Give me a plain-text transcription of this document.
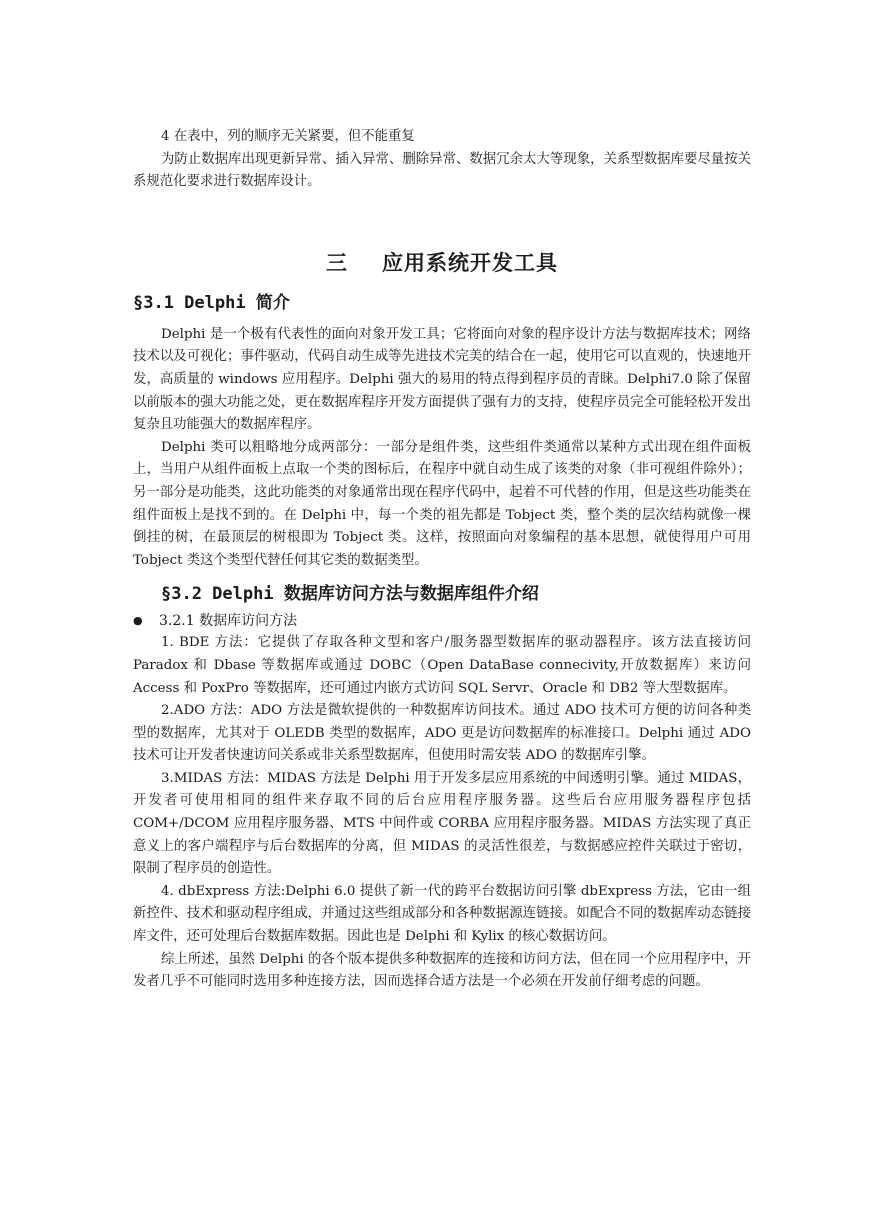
4 在表中，列的顺序无关紧要，但不能重复

为防止数据库出现更新异常、插入异常、删除异常、数据冗余太大等现象，关系型数据库要尽量按关系规范化要求进行数据库设计。

三 应用系统开发工具
§3.1 Delphi 简介

Delphi 是一个极有代表性的面向对象开发工具；它将面向对象的程序设计方法与数据库技术；网络技术以及可视化；事件驱动，代码自动生成等先进技术完美的结合在一起，使用它可以直观的，快速地开发，高质量的 windows 应用程序。Delphi 强大的易用的特点得到程序员的青睐。Delphi7.0 除了保留以前版本的强大功能之处，更在数据库程序开发方面提供了强有力的支持，使程序员完全可能轻松开发出复杂且功能强大的数据库程序。

Delphi 类可以粗略地分成两部分：一部分是组件类，这些组件类通常以某种方式出现在组件面板上，当用户从组件面板上点取一个类的图标后，在程序中就自动生成了该类的对象（非可视组件除外）；另一部分是功能类，这此功能类的对象通常出现在程序代码中，起着不可代替的作用，但是这些功能类在组件面板上是找不到的。在 Delphi 中，每一个类的祖先都是 Tobject 类，整个类的层次结构就像一棵倒挂的树，在最顶层的树根即为 Tobject 类。这样，按照面向对象编程的基本思想，就使得用户可用 Tobject 类这个类型代替任何其它类的数据类型。

§3.2 Delphi 数据库访问方法与数据库组件介绍
●	3.2.1 数据库访问方法

1. BDE 方法：它提供了存取各种文型和客户/服务器型数据库的驱动器程序。该方法直接访问 Paradox 和 Dbase 等数据库或通过 DOBC（Open DataBase connecivity,开放数据库）来访问 Access 和 PoxPro 等数据库，还可通过内嵌方式访问 SQL Servr、Oracle 和 DB2 等大型数据库。

2.ADO 方法：ADO 方法是微软提供的一种数据库访问技术。通过 ADO 技术可方便的访问各种类型的数据库，尤其对于 OLEDB 类型的数据库，ADO 更是访问数据库的标准接口。Delphi 通过 ADO 技术可让开发者快速访问关系或非关系型数据库，但使用时需安装 ADO 的数据库引擎。

3.MIDAS 方法：MIDAS 方法是 Delphi 用于开发多层应用系统的中间透明引擎。通过 MIDAS，开发者可使用相同的组件来存取不同的后台应用程序服务器。这些后台应用服务器程序包括 COM+/DCOM 应用程序服务器、MTS 中间件或 CORBA 应用程序服务器。MIDAS 方法实现了真正意义上的客户端程序与后台数据库的分离，但 MIDAS 的灵活性很差，与数据感应控件关联过于密切，限制了程序员的创造性。

4. dbExpress 方法:Delphi 6.0 提供了新一代的跨平台数据访问引擎 dbExpress 方法，它由一组新控件、技术和驱动程序组成，并通过这些组成部分和各种数据源连链接。如配合不同的数据库动态链接库文件，还可处理后台数据库数据。因此也是 Delphi 和 Kylix 的核心数据访问。

综上所述，虽然 Delphi 的各个版本提供多种数据库的连接和访问方法，但在同一个应用程序中，开发者几乎不可能同时选用多种连接方法，因而选择合适方法是一个必须在开发前仔细考虑的问题。
